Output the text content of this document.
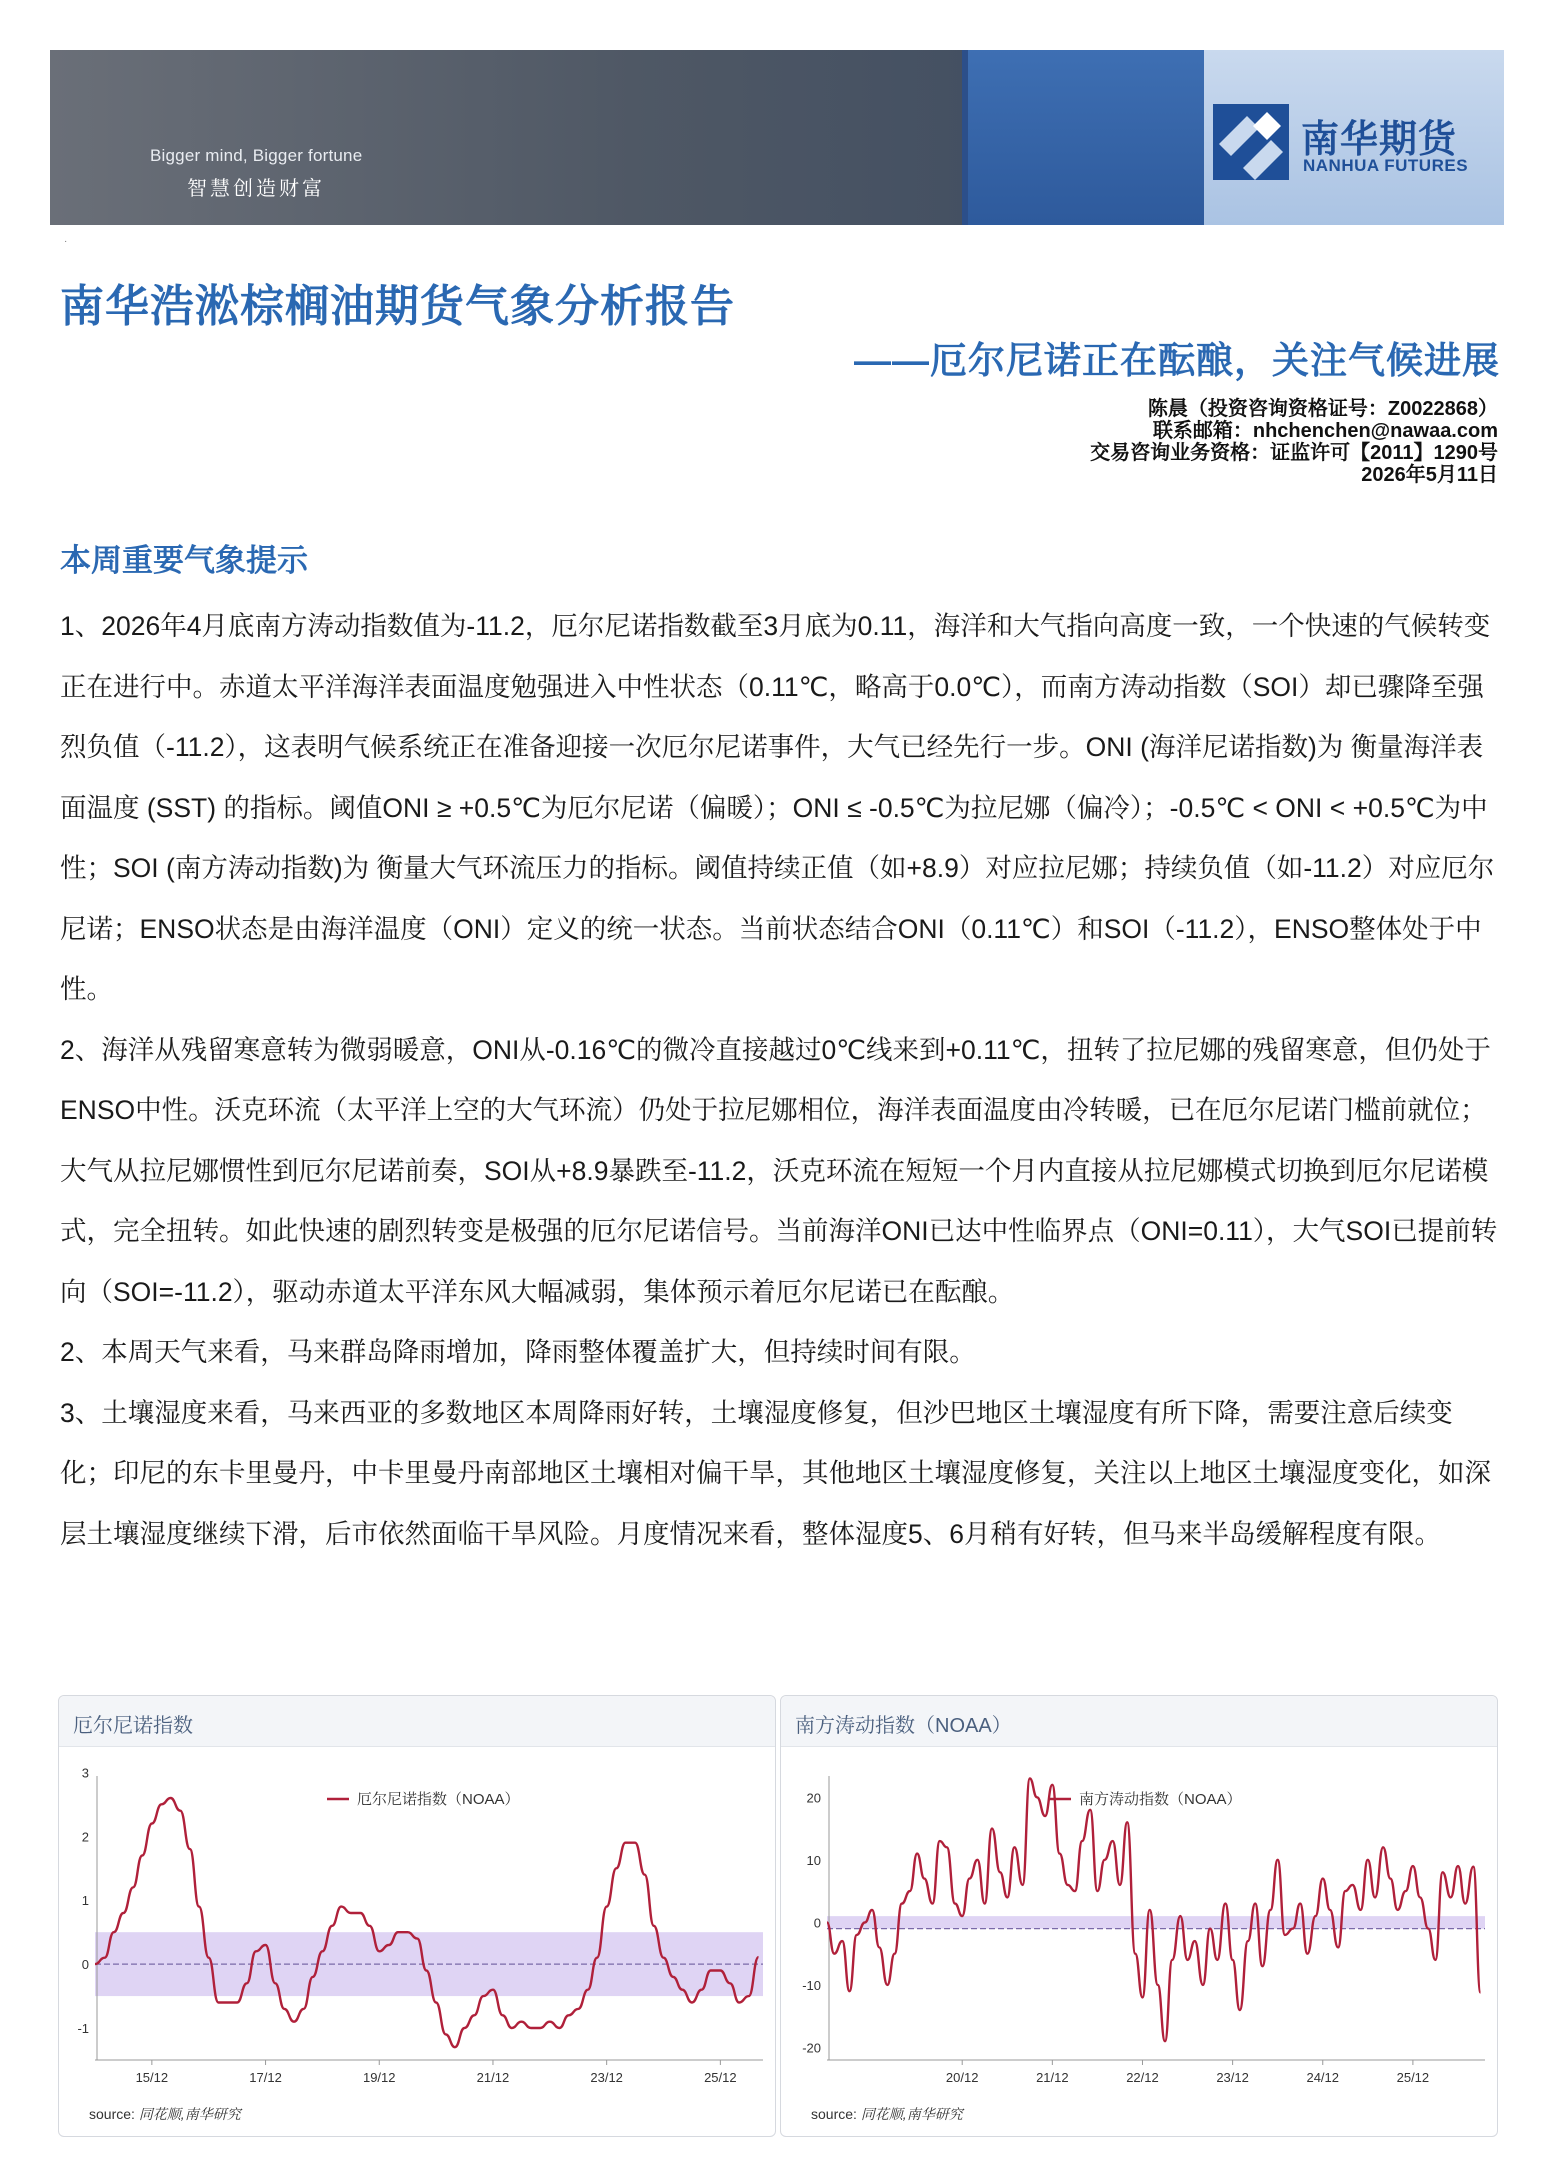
Bigger mind, Bigger fortune
智慧创造财富
南华期货
NANHUA FUTURES
·
南华浩淞棕榈油期货气象分析报告
——厄尔尼诺正在酝酿，关注气候进展
陈晨（投资咨询资格证号：Z0022868）
联系邮箱：nhchenchen@nawaa.com
交易咨询业务资格：证监许可【2011】1290号
2026年5月11日
本周重要气象提示

1、2026年4月底南方涛动指数值为-11.2，厄尔尼诺指数截至3月底为0.11，海洋和大气指向高度一致，一个快速的气候转变正在进行中。赤道太平洋海洋表面温度勉强进入中性状态（0.11℃，略高于0.0℃），而南方涛动指数（SOI）却已骤降至强烈负值（-11.2），这表明气候系统正在准备迎接一次厄尔尼诺事件，大气已经先行一步。ONI (海洋尼诺指数)为 衡量海洋表面温度 (SST) 的指标。阈值ONI ≥ +0.5℃为厄尔尼诺（偏暖）；ONI ≤ -0.5℃为拉尼娜（偏冷）；-0.5℃ < ONI < +0.5℃为中性；SOI (南方涛动指数)为 衡量大气环流压力的指标。阈值持续正值（如+8.9）对应拉尼娜；持续负值（如-11.2）对应厄尔尼诺；ENSO状态是由海洋温度（ONI）定义的统一状态。当前状态结合ONI（0.11℃）和SOI（-11.2），ENSO整体处于中性。

2、海洋从残留寒意转为微弱暖意，ONI从-0.16℃的微冷直接越过0℃线来到+0.11℃，扭转了拉尼娜的残留寒意，但仍处于ENSO中性。沃克环流（太平洋上空的大气环流）仍处于拉尼娜相位，海洋表面温度由冷转暖，已在厄尔尼诺门槛前就位；大气从拉尼娜惯性到厄尔尼诺前奏，SOI从+8.9暴跌至-11.2，沃克环流在短短一个月内直接从拉尼娜模式切换到厄尔尼诺模式，完全扭转。如此快速的剧烈转变是极强的厄尔尼诺信号。当前海洋ONI已达中性临界点（ONI=0.11），大气SOI已提前转向（SOI=-11.2），驱动赤道太平洋东风大幅减弱，集体预示着厄尔尼诺已在酝酿。

2、本周天气来看，马来群岛降雨增加，降雨整体覆盖扩大，但持续时间有限。

3、土壤湿度来看，马来西亚的多数地区本周降雨好转，土壤湿度修复，但沙巴地区土壤湿度有所下降，需要注意后续变化；印尼的东卡里曼丹，中卡里曼丹南部地区土壤相对偏干旱，其他地区土壤湿度修复，关注以上地区土壤湿度变化，如深层土壤湿度继续下滑，后市依然面临干旱风险。月度情况来看，整体湿度5、6月稍有好转，但马来半岛缓解程度有限。

厄尔尼诺指数
厄尔尼诺指数（NOAA）
3
2
1
0
-1
15/12	17/12	19/12	21/12	23/12	25/12
source: 同花顺,南华研究
南方涛动指数（NOAA）
南方涛动指数（NOAA）
20
10
0
-10
-20
20/12	21/12	22/12	23/12	24/12	25/12
source: 同花顺,南华研究
